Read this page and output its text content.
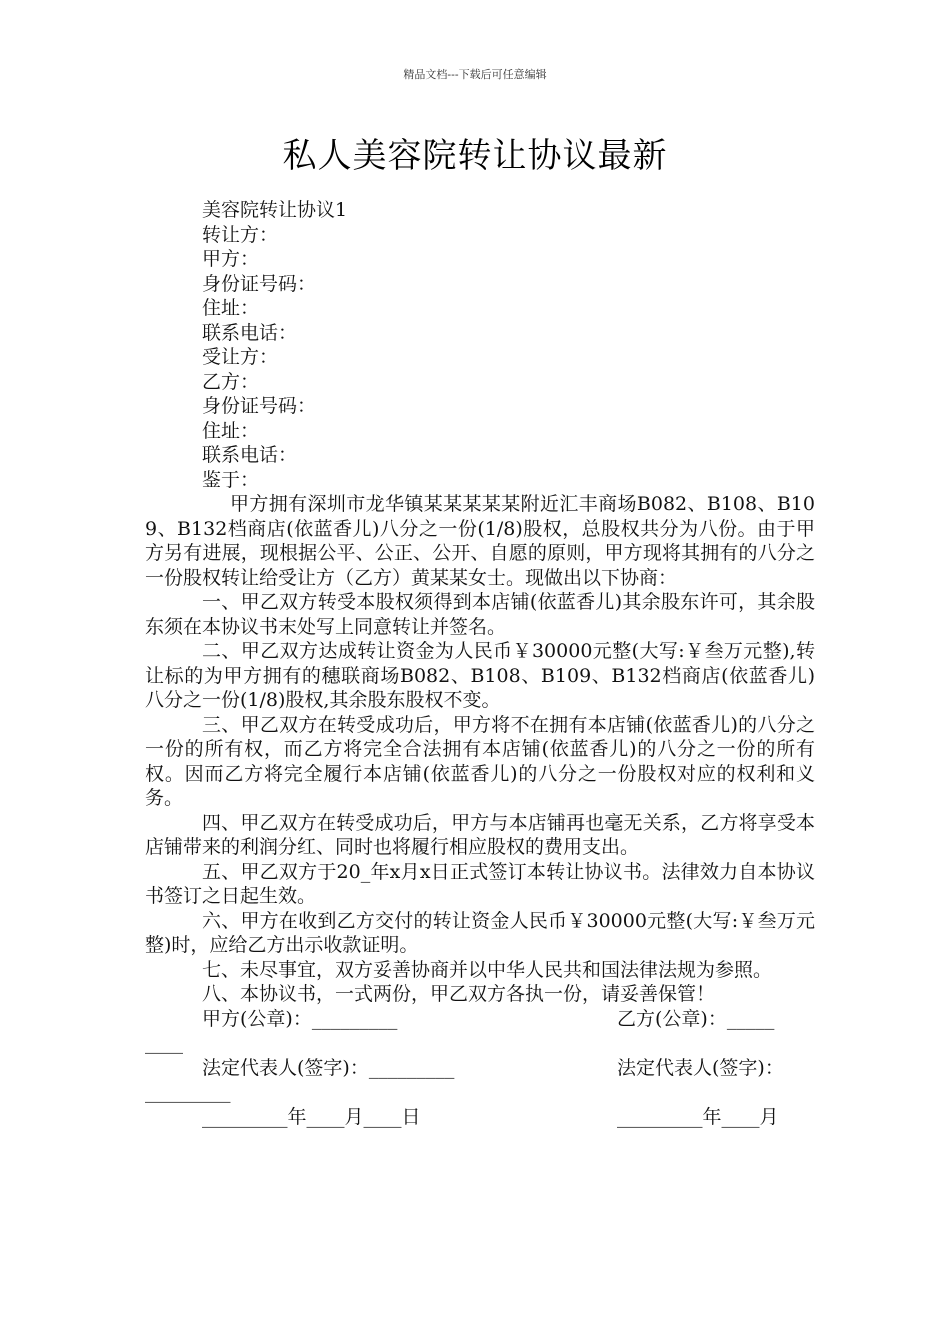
精品文档---下载后可任意编辑
私人美容院转让协议最新
美容院转让协议1
转让方：
甲方：
身份证号码：
住址：
联系电话：
受让方：
乙方：
身份证号码：
住址：
联系电话：
鉴于：
甲方拥有深圳市龙华镇某某某某某附近汇丰商场B082、B108、B109、B132档商店(依蓝香儿)八分之一份(1/8)股权，总股权共分为八份。由于甲方另有进展，现根据公平、公正、公开、自愿的原则，甲方现将其拥有的八分之一份股权转让给受让方（乙方）黄某某女士。现做出以下协商：
一、甲乙双方转受本股权须得到本店铺(依蓝香儿)其余股东许可，其余股东须在本协议书末处写上同意转让并签名。
二、甲乙双方达成转让资金为人民币￥30000元整(大写:￥叁万元整),转让标的为甲方拥有的穗联商场B082、B108、B109、B132档商店(依蓝香儿)八分之一份(1/8)股权,其余股东股权不变。
三、甲乙双方在转受成功后，甲方将不在拥有本店铺(依蓝香儿)的八分之一份的所有权，而乙方将完全合法拥有本店铺(依蓝香儿)的八分之一份的所有权。因而乙方将完全履行本店铺(依蓝香儿)的八分之一份股权对应的权利和义务。
四、甲乙双方在转受成功后，甲方与本店铺再也毫无关系，乙方将享受本店铺带来的利润分红、同时也将履行相应股权的费用支出。
五、甲乙双方于20_年x月x日正式签订本转让协议书。法律效力自本协议书签订之日起生效。
六、甲方在收到乙方交付的转让资金人民币￥30000元整(大写:￥叁万元整)时，应给乙方出示收款证明。
七、未尽事宜，双方妥善协商并以中华人民共和国法律法规为参照。
八、本协议书，一式两份，甲乙双方各执一份，请妥善保管！
甲方(公章)：_________	乙方(公章)：_____
____
法定代表人(签字)：_________	法定代表人(签字)：
_________
_________年____月____日	_________年____月
